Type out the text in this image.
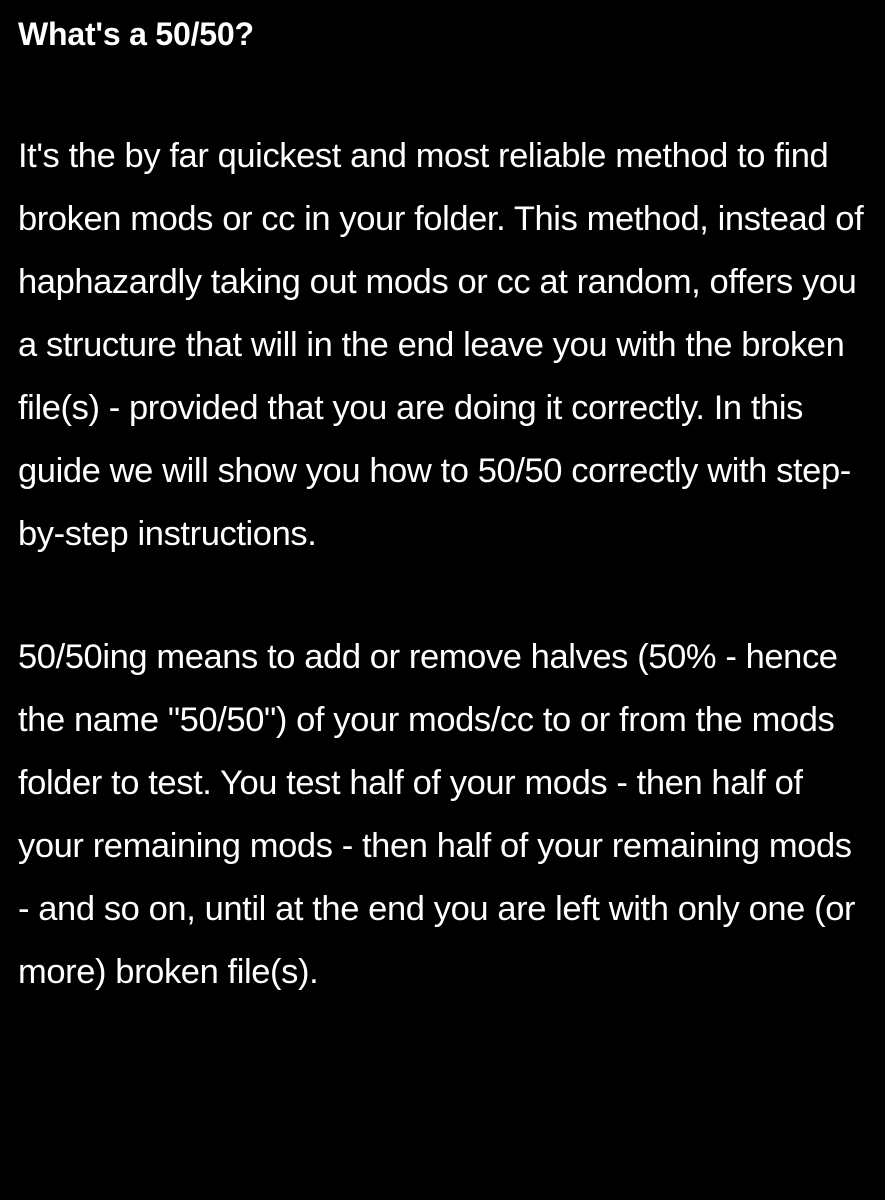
What's a 50/50?

It's the by far quickest and most reliable method to find broken mods or cc in your folder. This method, instead of haphazardly taking out mods or cc at random, offers you a structure that will in the end leave you with the broken file(s) - provided that you are doing it correctly. In this guide we will show you how to 50/50 correctly with step-by-step instructions.

50/50ing means to add or remove halves (50% - hence the name "50/50") of your mods/cc to or from the mods folder to test. You test half of your mods - then half of your remaining mods - then half of your remaining mods - and so on, until at the end you are left with only one (or more) broken file(s).
